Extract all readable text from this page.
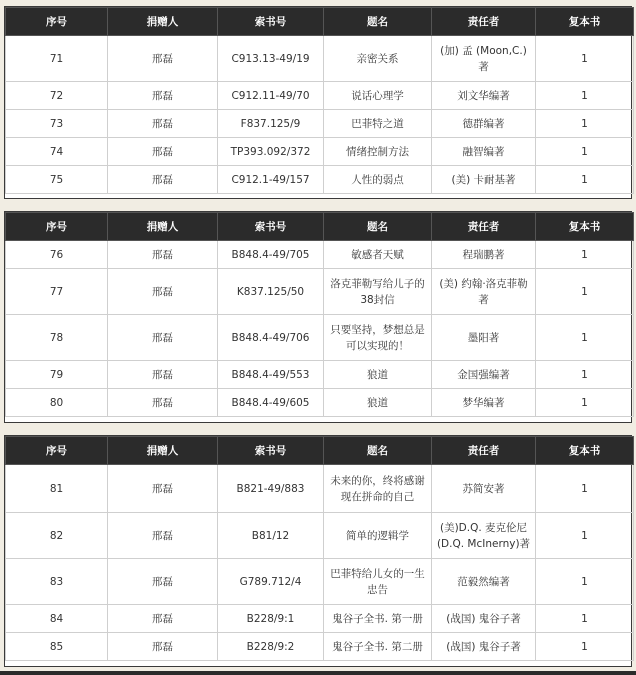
序号	捐赠人	索书号	题名	责任者	复本书
71	邢磊	C913.13-49/19	亲密关系	(加) 孟 (Moon,C.) 著	1
72	邢磊	C912.11-49/70	说话心理学	刘文华编著	1
73	邢磊	F837.125/9	巴菲特之道	德群编著	1
74	邢磊	TP393.092/372	情绪控制方法	融智编著	1
75	邢磊	C912.1-49/157	人性的弱点	(美) 卡耐基著	1
序号	捐赠人	索书号	题名	责任者	复本书
76	邢磊	B848.4-49/705	敏感者天赋	程瑞鹏著	1
77	邢磊	K837.125/50	洛克菲勒写给儿子的38封信	(美) 约翰·洛克菲勒著	1
78	邢磊	B848.4-49/706	只要坚持，梦想总是可以实现的！	墨阳著	1
79	邢磊	B848.4-49/553	狼道	金国强编著	1
80	邢磊	B848.4-49/605	狼道	梦华编著	1
序号	捐赠人	索书号	题名	责任者	复本书
81	邢磊	B821-49/883	未来的你，终将感谢现在拼命的自己	苏简安著	1
82	邢磊	B81/12	简单的逻辑学	(美)D.Q. 麦克伦尼 (D.Q. McInerny)著	1
83	邢磊	G789.712/4	巴菲特给儿女的一生忠告	范毅然编著	1
84	邢磊	B228/9:1	鬼谷子全书. 第一册	(战国) 鬼谷子著	1
85	邢磊	B228/9:2	鬼谷子全书. 第二册	(战国) 鬼谷子著	1
